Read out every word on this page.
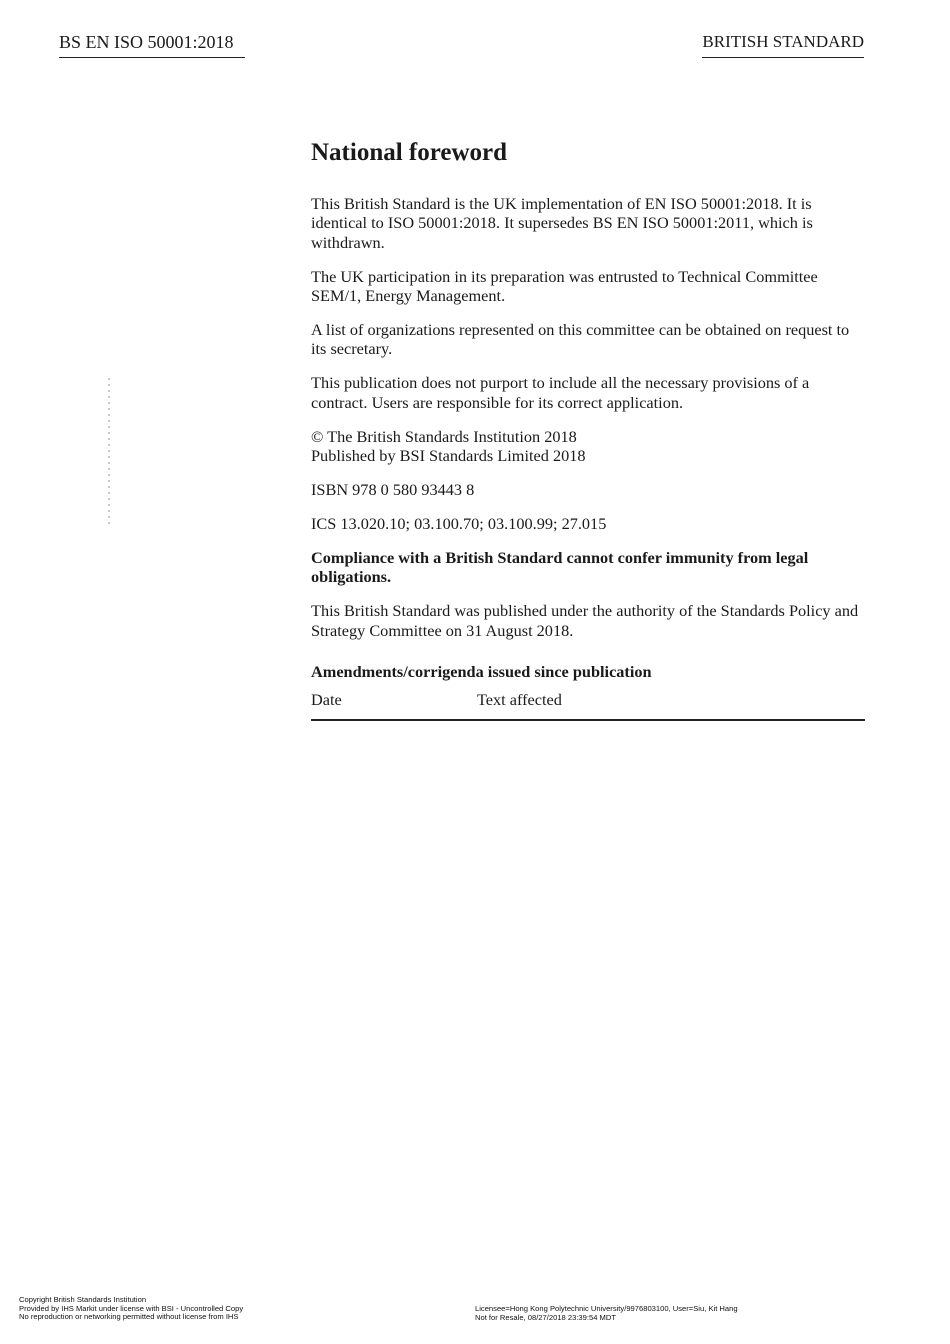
BS EN ISO 50001:2018	BRITISH STANDARD
National foreword

This British Standard is the UK implementation of EN ISO 50001:2018. It is identical to ISO 50001:2018. It supersedes BS EN ISO 50001:2011, which is withdrawn.

The UK participation in its preparation was entrusted to Technical Committee SEM/1, Energy Management.

A list of organizations represented on this committee can be obtained on request to its secretary.

This publication does not purport to include all the necessary provisions of a contract. Users are responsible for its correct application.

© The British Standards Institution 2018
Published by BSI Standards Limited 2018

ISBN 978 0 580 93443 8

ICS 13.020.10; 03.100.70; 03.100.99; 27.015

Compliance with a British Standard cannot confer immunity from legal obligations.

This British Standard was published under the authority of the Standards Policy and Strategy Committee on 31 August 2018.

Amendments/corrigenda issued since publication
Date	Text affected
Copyright British Standards Institution
Provided by IHS Markit under license with BSI - Uncontrolled Copy
No reproduction or networking permitted without license from IHS
Licensee=Hong Kong Polytechnic University/9976803100, User=Siu, Kit Hang
Not for Resale, 08/27/2018 23:39:54 MDT
